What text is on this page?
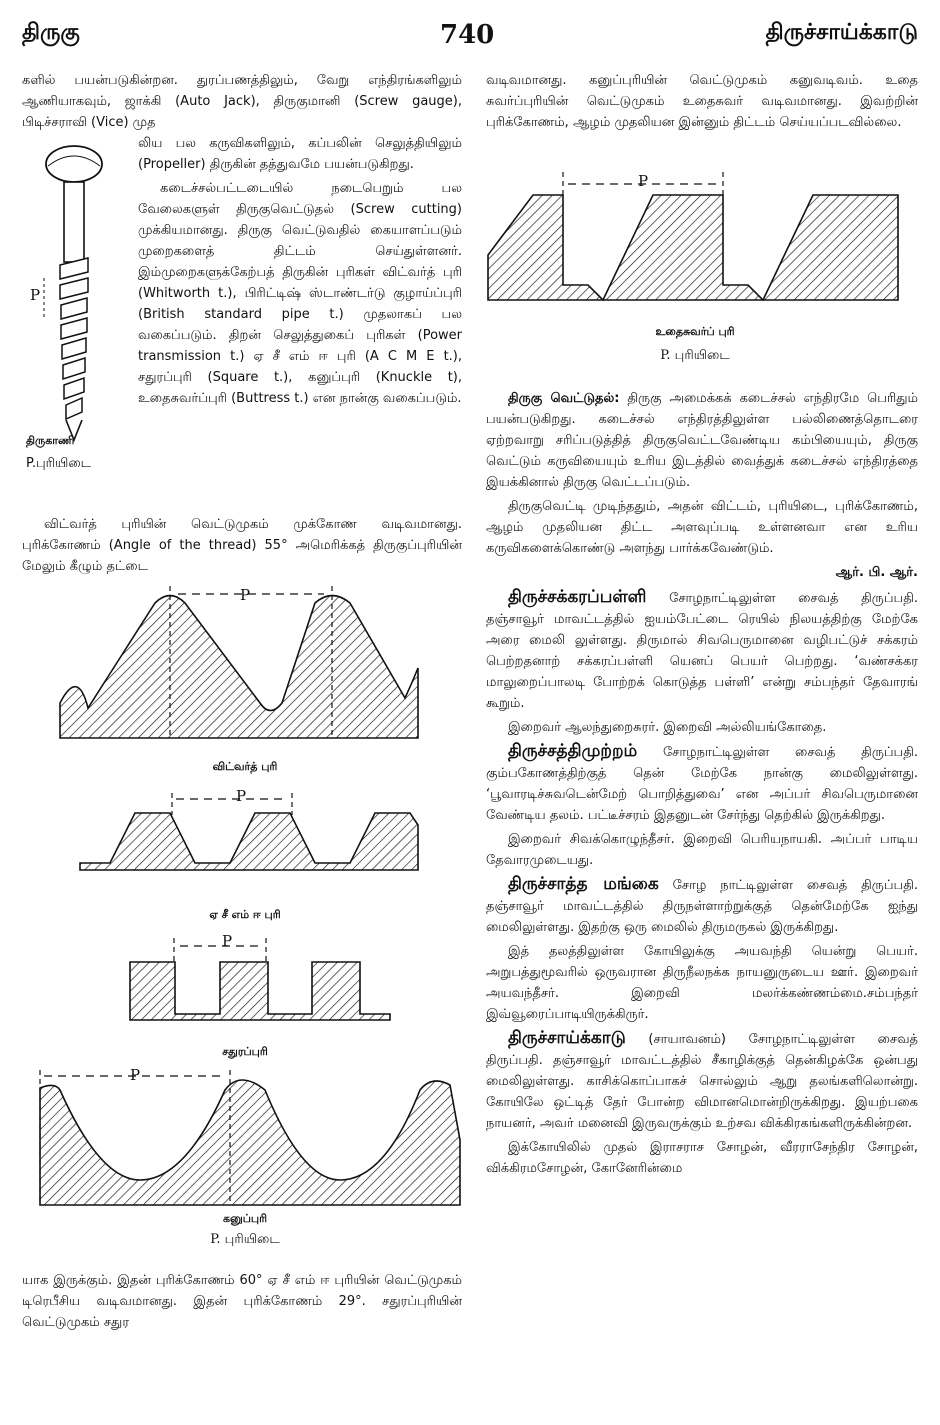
திருகு	740	திருச்சாய்க்காடு

களில் பயன்படுகின்றன. துரப்பணத்திலும், வேறு எந்திரங்களிலும் ஆணியாகவும், ஜாக்கி (Auto Jack), திருகுமானி (Screw gauge), பிடிச்சராவி (Vice) முத

P
திருகாணி
P.புரியிடை

லிய பல கருவிகளிலும், கப்பலின் செலுத்தியிலும் (Propeller) திருகின் தத்துவமே பயன்படுகிறது.

கடைச்சல்பட்டடையில் நடைபெறும் பல வேலைகளுள் திருகுவெட்டுதல் (Screw cutting) முக்கியமானது. திருகு வெட்டுவதில் கையாளப்படும் முறைகளைத் திட்டம் செய்துள்ளனர். இம்முறைகளுக்கேற்பத் திருகின் புரிகள் விட்வர்த் புரி (Whitworth t.), பிரிட்டிஷ் ஸ்டாண்டர்டு குழாய்ப்புரி (British standard pipe t.) முதலாகப் பல வகைப்படும். திறன் செலுத்துகைப் புரிகள் (Power transmission t.) ஏ சீ எம் ஈ புரி (A C M E t.), சதுரப்புரி (Square t.), கனுப்புரி (Knuckle t), உதைசுவர்ப்புரி (Buttress t.) என நான்கு வகைப்படும்.

விட்வர்த் புரியின் வெட்டுமுகம் முக்கோண வடிவமானது. புரிக்கோணம் (Angle of the thread) 55° அமெரிக்கத் திருகுப்புரியின் மேலும் கீழும் தட்டை

P
விட்வர்த் புரி
P
ஏ சீ எம் ஈ புரி
P
சதுரப்புரி
P
கனுப்புரி
P. புரியிடை

யாக இருக்கும். இதன் புரிக்கோணம் 60° ஏ சீ எம் ஈ புரியின் வெட்டுமுகம் டிரெபீசிய வடிவமானது. இதன் புரிக்கோணம் 29°. சதுரப்புரியின் வெட்டுமுகம் சதுர

வடிவமானது. கனுப்புரியின் வெட்டுமுகம் கனுவடிவம். உதை சுவர்ப்புரியின் வெட்டுமுகம் உதைசுவர் வடிவமானது. இவற்றின் புரிக்கோணம், ஆழம் முதலியன இன்னும் திட்டம் செய்யப்படவில்லை.

P
உதைசுவர்ப் புரி
P. புரியிடை

திருகு வெட்டுதல்: திருகு அமைக்கக் கடைச்சல் எந்திரமே பெரிதும் பயன்படுகிறது. கடைச்சல் எந்திரத்திலுள்ள பல்லிணைத்தொடரை ஏற்றவாறு சரிப்படுத்தித் திருகுவெட்டவேண்டிய கம்பியையும், திருகு வெட்டும் கருவியையும் உரிய இடத்தில் வைத்துக் கடைச்சல் எந்திரத்தை இயக்கினால் திருகு வெட்டப்படும்.

திருகுவெட்டி முடிந்ததும், அதன் விட்டம், புரியிடை, புரிக்கோணம், ஆழம் முதலியன திட்ட அளவுப்படி உள்ளனவா என உரிய கருவிகளைக்கொண்டு அளந்து பார்க்கவேண்டும்.

ஆர். பி. ஆர்.

திருச்சக்கரப்பள்ளி சோழநாட்டிலுள்ள சைவத் திருப்பதி. தஞ்சாவூர் மாவட்டத்தில் ஐயம்பேட்டை ரெயில் நிலயத்திற்கு மேற்கே அரை மைலி லுள்ளது. திருமால் சிவபெருமானை வழிபட்டுச் சக்கரம் பெற்றதனாற் சக்கரப்பள்ளி யெனப் பெயர் பெற்றது. ‘வண்சக்கர மாலுறைப்பாலடி போற்றக் கொடுத்த பள்ளி’ என்று சம்பந்தர் தேவாரங் கூறும்.

இறைவர் ஆலந்துறைசுரர். இறைவி அல்லியங்கோதை.

திருச்சத்திமுற்றம் சோழநாட்டிலுள்ள சைவத் திருப்பதி. கும்பகோணத்திற்குத் தென் மேற்கே நான்கு மைலிலுள்ளது. ‘பூவாரடிச்சுவடென்மேற் பொறித்துவை’ என அப்பர் சிவபெருமானை வேண்டிய தலம். பட்டீச்சரம் இதனுடன் சேர்ந்து தெற்கில் இருக்கிறது.

இறைவர் சிவக்கொழுந்தீசர். இறைவி பெரியநாயகி. அப்பர் பாடிய தேவாரமுடையது.

திருச்சாத்த மங்கை சோழ நாட்டிலுள்ள சைவத் திருப்பதி. தஞ்சாவூர் மாவட்டத்தில் திருநள்ளாற்றுக்குத் தென்மேற்கே ஐந்து மைலிலுள்ளது. இதற்கு ஒரு மைலில் திருமருகல் இருக்கிறது.

இத் தலத்திலுள்ள கோயிலுக்கு அயவந்தி யென்று பெயர். அறுபத்துமூவரில் ஒருவரான திருநீலநக்க நாயனுருடைய ஊர். இறைவர் அயவந்தீசர். இறைவி மலர்க்கண்ணம்மை.சம்பந்தர் இவ்வூரைப்பாடியிருக்கிருர்.

திருச்சாய்க்காடு (சாயாவனம்) சோழநாட்டிலுள்ள சைவத் திருப்பதி. தஞ்சாவூர் மாவட்டத்தில் சீகாழிக்குத் தென்கிழக்கே ஒன்பது மைலிலுள்ளது. காசிக்கொப்பாகச் சொல்லும் ஆறு தலங்களிலொன்று. கோயிலே ஒட்டித் தேர் போன்ற விமானமொன்றிருக்கிறது. இயற்பகை நாயனர், அவர் மனைவி இருவருக்கும் உற்சவ விக்கிரகங்களிருக்கின்றன.

இக்கோயிலில் முதல் இராசராச சோழன், வீரராசேந்திர சோழன், விக்கிரமசோழன், கோனேரின்மை
